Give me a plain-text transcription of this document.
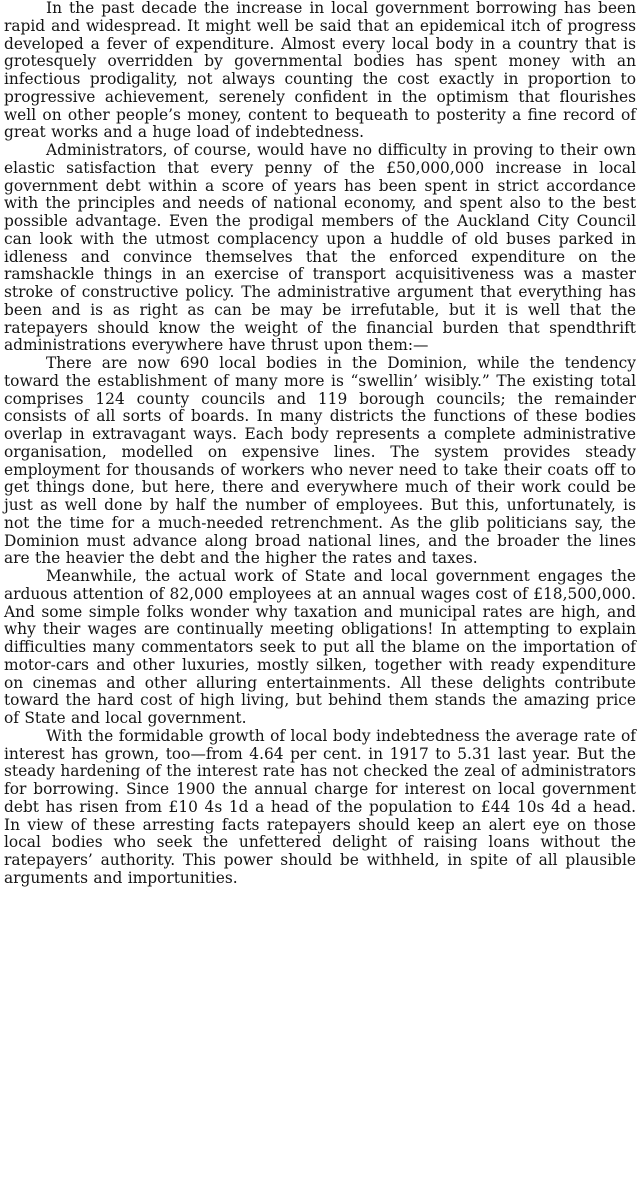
In the past decade the increase in local government borrowing has been rapid and widespread. It might well be said that an epidemical itch of progress developed a fever of expenditure. Almost every local body in a country that is grotesquely overridden by governmental bodies has spent money with an infectious prodigality, not always counting the cost exactly in proportion to progressive achievement, serenely confident in the optimism that flourishes well on other people’s money, content to bequeath to posterity a fine record of great works and a huge load of indebtedness.

Administrators, of course, would have no difficulty in proving to their own elastic satisfaction that every penny of the £50,000,000 increase in local government debt within a score of years has been spent in strict accordance with the principles and needs of national economy, and spent also to the best possible advantage. Even the prodigal members of the Auckland City Council can look with the utmost complacency upon a huddle of old buses parked in idleness and convince themselves that the enforced expenditure on the ramshackle things in an exercise of transport acquisitiveness was a master stroke of constructive policy. The administrative argument that everything has been and is as right as can be may be irrefutable, but it is well that the ratepayers should know the weight of the financial burden that spendthrift administrations everywhere have thrust upon them:—

There are now 690 local bodies in the Dominion, while the tendency toward the establishment of many more is “swellin’ wisibly.” The existing total comprises 124 county councils and 119 borough councils; the remainder consists of all sorts of boards. In many districts the functions of these bodies overlap in extravagant ways. Each body represents a complete administrative organisation, modelled on expensive lines. The system provides steady employment for thousands of workers who never need to take their coats off to get things done, but here, there and everywhere much of their work could be just as well done by half the number of employees. But this, unfortunately, is not the time for a much-needed retrenchment. As the glib politicians say, the Dominion must advance along broad national lines, and the broader the lines are the heavier the debt and the higher the rates and taxes.

Meanwhile, the actual work of State and local government engages the arduous attention of 82,000 employees at an annual wages cost of £18,500,000. And some simple folks wonder why taxation and municipal rates are high, and why their wages are continually meeting obligations! In attempting to explain difficulties many commentators seek to put all the blame on the importation of motor-cars and other luxuries, mostly silken, together with ready expenditure on cinemas and other alluring entertainments. All these delights contribute toward the hard cost of high living, but behind them stands the amazing price of State and local government.

With the formidable growth of local body indebtedness the average rate of interest has grown, too—from 4.64 per cent. in 1917 to 5.31 last year. But the steady hardening of the interest rate has not checked the zeal of administrators for borrowing. Since 1900 the annual charge for interest on local government debt has risen from £10 4s 1d a head of the population to £44 10s 4d a head. In view of these arresting facts ratepayers should keep an alert eye on those local bodies who seek the unfettered delight of raising loans without the ratepayers’ authority. This power should be withheld, in spite of all plausible arguments and importunities.
